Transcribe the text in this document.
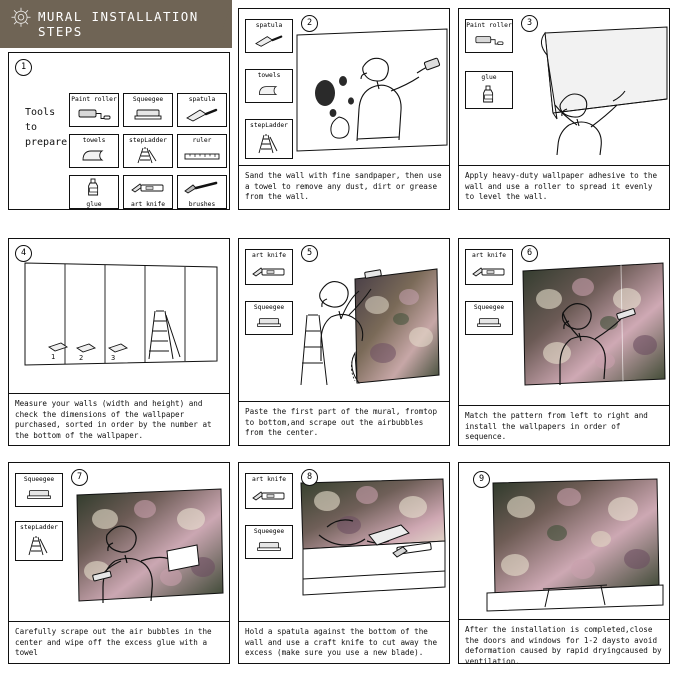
MURAL INSTALLATION STEPS
1
Tools
to
prepare
Paint roller	Squeegee	spatula
towels	stepLadder	ruler
glue	art knife	brushes
2
spatula
towels
stepLadder
Sand the wall with fine sandpaper, then use a towel to remove any dust, dirt or grease from the wall.
3
Paint roller
glue
Apply heavy-duty wallpaper adhesive to the wall and use a roller to spread it evenly to level the wall.
4
1	2	3
Measure your walls (width and height) and check the dimensions of the wallpaper purchased, sorted in order by the number at the bottom of the wallpaper.
5
art knife
Squeegee
Paste the first part of the mural, fromtop to bottom,and scrape out the airbubbles from the center.
6
art knife
Squeegee
Match the pattern from left to right and install the wallpapers in order of sequence.
7
Squeegee
stepLadder
Carefully scrape out the air bubbles in the center and wipe off the excess glue with a towel
8
art knife
Squeegee
Hold a spatula against the bottom of the wall and use a craft knife to cut away the excess (make sure you use a new blade).
9
After the installation is completed,close the doors and windows for 1-2 daysto avoid deformation caused by rapid dryingcaused by ventilation.
